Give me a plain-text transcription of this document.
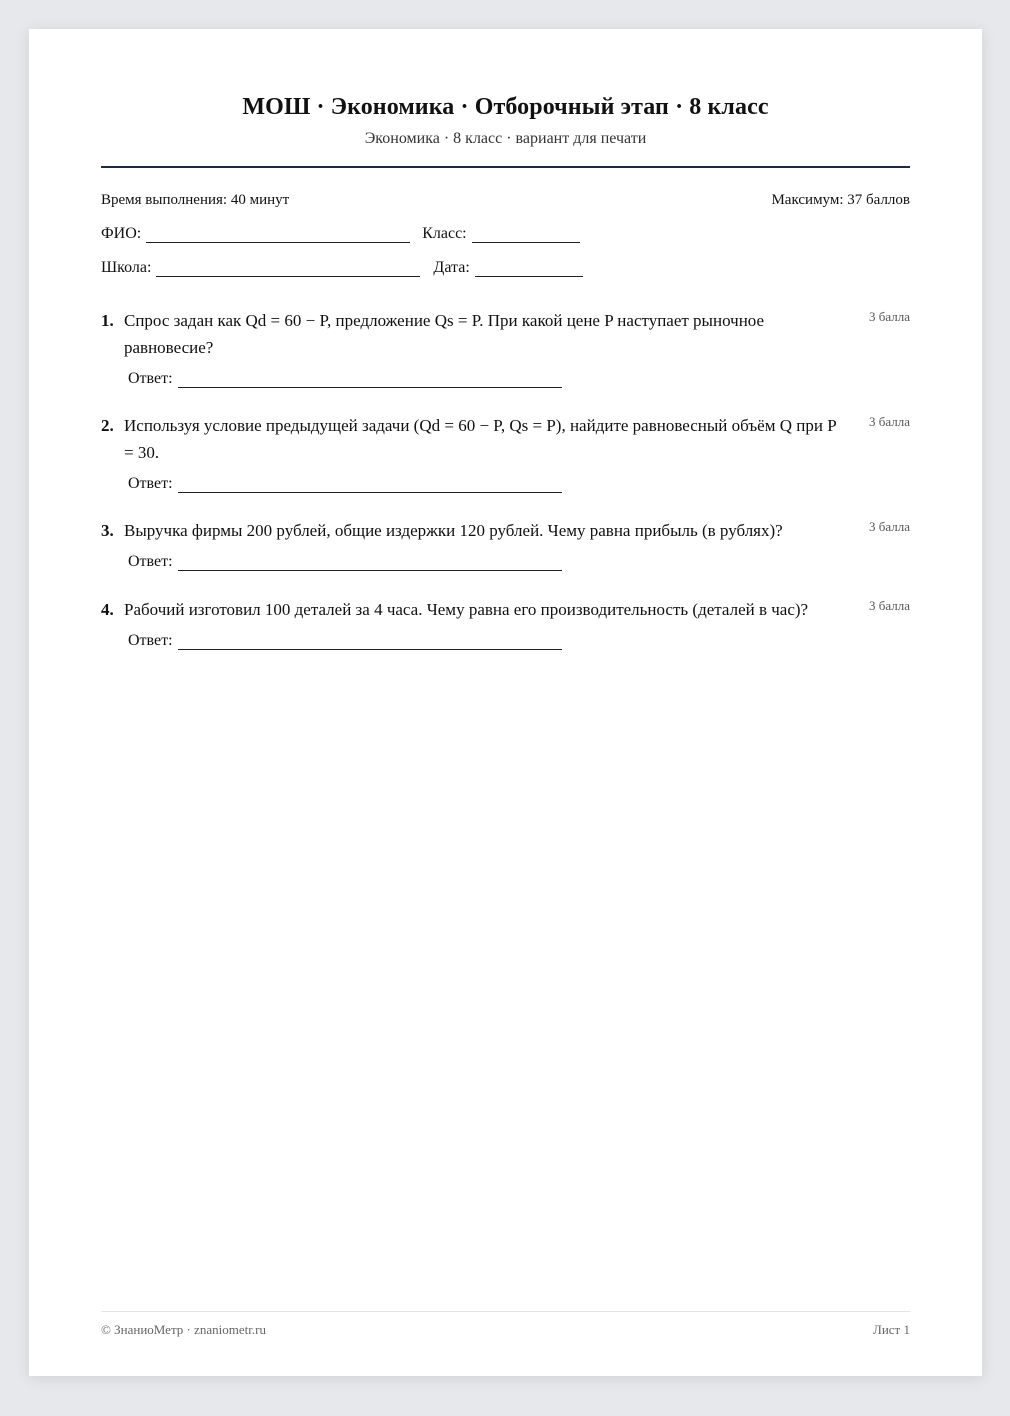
МОШ · Экономика · Отборочный этап · 8 класс
Экономика · 8 класс · вариант для печати
Время выполнения: 40 минут	Максимум: 37 баллов
ФИО:	Класс:
Школа:	Дата:
1. Спрос задан как Qd = 60 − P, предложение Qs = P. При какой цене P наступает рыночное равновесие?
3 балла
Ответ:
2. Используя условие предыдущей задачи (Qd = 60 − P, Qs = P), найдите равновесный объём Q при P = 30.
3 балла
Ответ:
3. Выручка фирмы 200 рублей, общие издержки 120 рублей. Чему равна прибыль (в рублях)?	3 балла
Ответ:
4. Рабочий изготовил 100 деталей за 4 часа. Чему равна его производительность (деталей в час)?	3 балла
Ответ:
© ЗнаниоМетр · znaniometr.ru	Лист 1
